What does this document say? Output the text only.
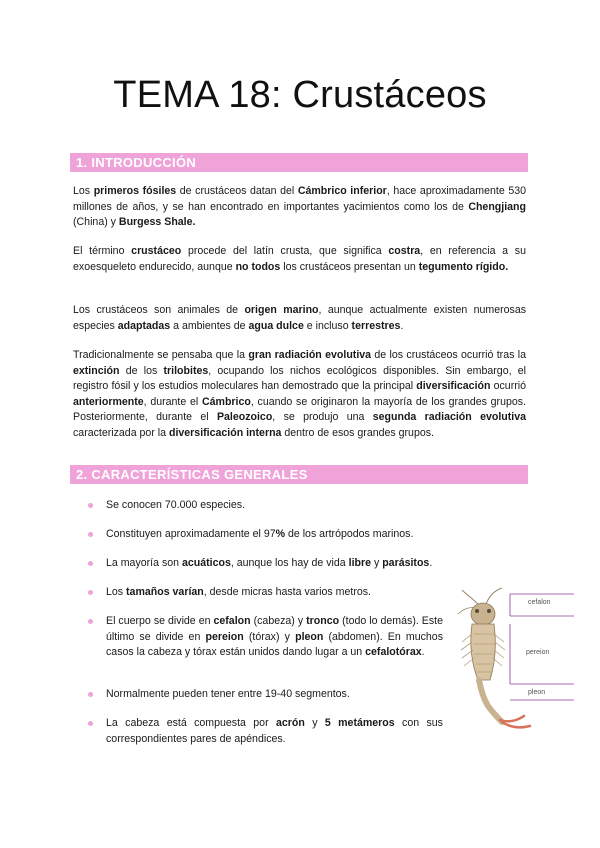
TEMA 18: Crustáceos
1. INTRODUCCIÓN

Los primeros fósiles de crustáceos datan del Cámbrico inferior, hace aproximadamente 530 millones de años, y se han encontrado en importantes yacimientos como los de Chengjiang (China) y Burgess Shale.

El término crustáceo procede del latín crusta, que significa costra, en referencia a su exoesqueleto endurecido, aunque no todos los crustáceos presentan un tegumento rígido.

Los crustáceos son animales de origen marino, aunque actualmente existen numerosas especies adaptadas a ambientes de agua dulce e incluso terrestres.

Tradicionalmente se pensaba que la gran radiación evolutiva de los crustáceos ocurrió tras la extinción de los trilobites, ocupando los nichos ecológicos disponibles. Sin embargo, el registro fósil y los estudios moleculares han demostrado que la principal diversificación ocurrió anteriormente, durante el Cámbrico, cuando se originaron la mayoría de los grandes grupos. Posteriormente, durante el Paleozoico, se produjo una segunda radiación evolutiva caracterizada por la diversificación interna dentro de esos grandes grupos.

2. CARACTERÍSTICAS GENERALES
Se conocen 70.000 especies.
Constituyen aproximadamente el 97% de los artrópodos marinos.
La mayoría son acuáticos, aunque los hay de vida libre y parásitos.
Los tamaños varían, desde micras hasta varios metros.
El cuerpo se divide en cefalon (cabeza) y tronco (todo lo demás). Este último se divide en pereion (tórax) y pleon (abdomen). En muchos casos la cabeza y tórax están unidos dando lugar a un cefalotórax.
Normalmente pueden tener entre 19-40 segmentos.
La cabeza está compuesta por acrón y 5 metámeros con sus correspondientes pares de apéndices.
cefalon
pereion
pleon
